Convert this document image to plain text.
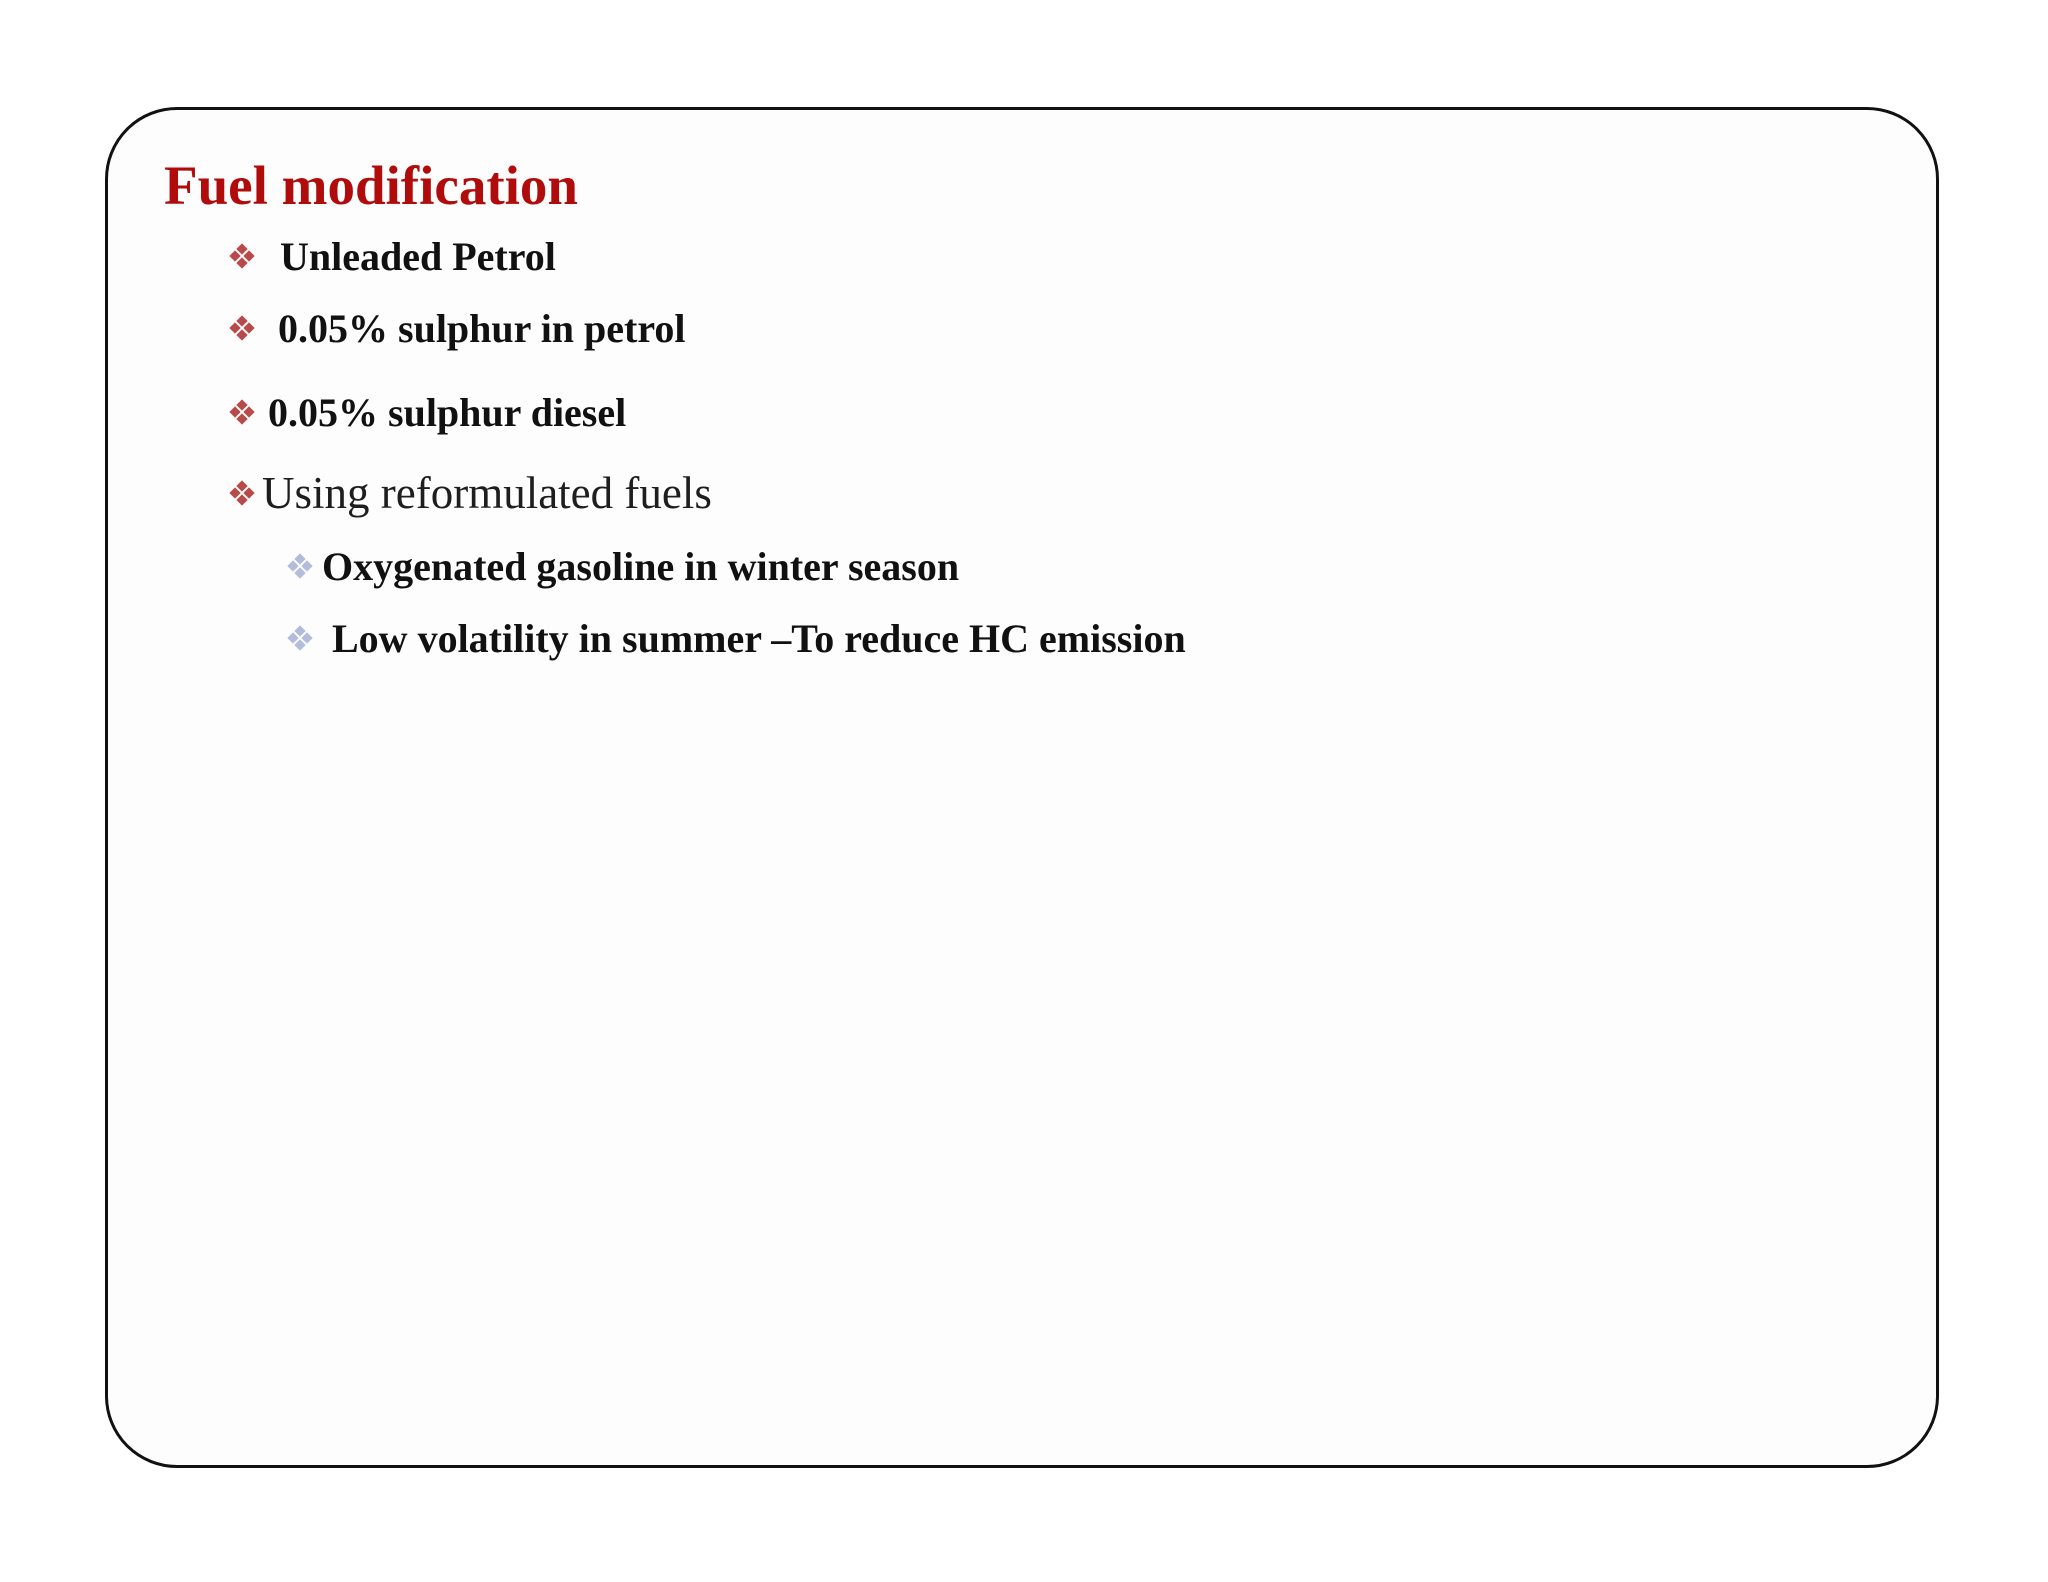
Fuel modification
Unleaded Petrol
0.05% sulphur in petrol
0.05% sulphur diesel
Using reformulated fuels
Oxygenated gasoline in winter season
Low volatility in summer –To reduce HC emission
